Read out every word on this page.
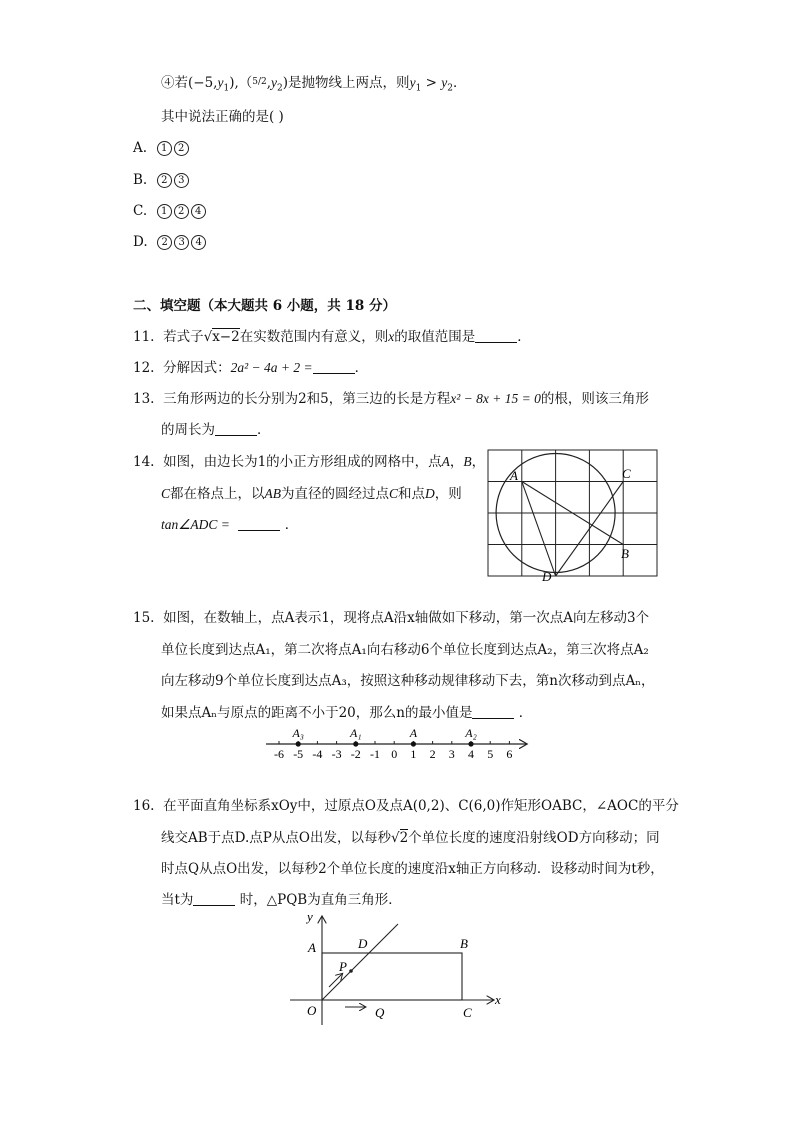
④若$(-5,y_1),(^{5/2},y_2)$是抛物线上两点，则$y_1 > y_2$．
其中说法正确的是( )
A. 1 2
B. 2 3
C. 1 2 4
D. 2 3 4
二、填空题（本大题共 6 小题，共 18 分）
11. 若式子√x−2在实数范围内有意义，则x的取值范围是	．
12. 分解因式：2a² − 4a + 2 =	．
13. 三角形两边的长分别为2和5，第三边的长是方程x² − 8x + 15 = 0的根，则该三角形
的周长为	．
14. 如图，由边长为1的小正方形组成的网格中，点A，B，
C都在格点上，以AB为直径的圆经过点C和点D，则
tan∠ADC =	．
A	C
B
D
15. 如图，在数轴上，点A表示1，现将点A沿x轴做如下移动，第一次点A向左移动3个
单位长度到达点A₁，第二次将点A₁向右移动6个单位长度到达点A₂，第三次将点A₂
向左移动9个单位长度到达点A₃，按照这种移动规律移动下去，第n次移动到点Aₙ，
如果点Aₙ与原点的距离不小于20，那么n的最小值是	．
-6 -5 -4 -3 -2 -1 0 1 2 3 4 5 6
A₃	A₁	A	A₂
16. 在平面直角坐标系xOy中，过原点O及点A(0,2)、C(6,0)作矩形OABC，∠AOC的平分
线交AB于点D.点P从点O出发，以每秒√2个单位长度的速度沿射线OD方向移动；同
时点Q从点O出发，以每秒2个单位长度的速度沿x轴正方向移动．设移动时间为t秒，
当t为	时，△PQB为直角三角形．
y
x
A	D	B
P
O	Q	C
